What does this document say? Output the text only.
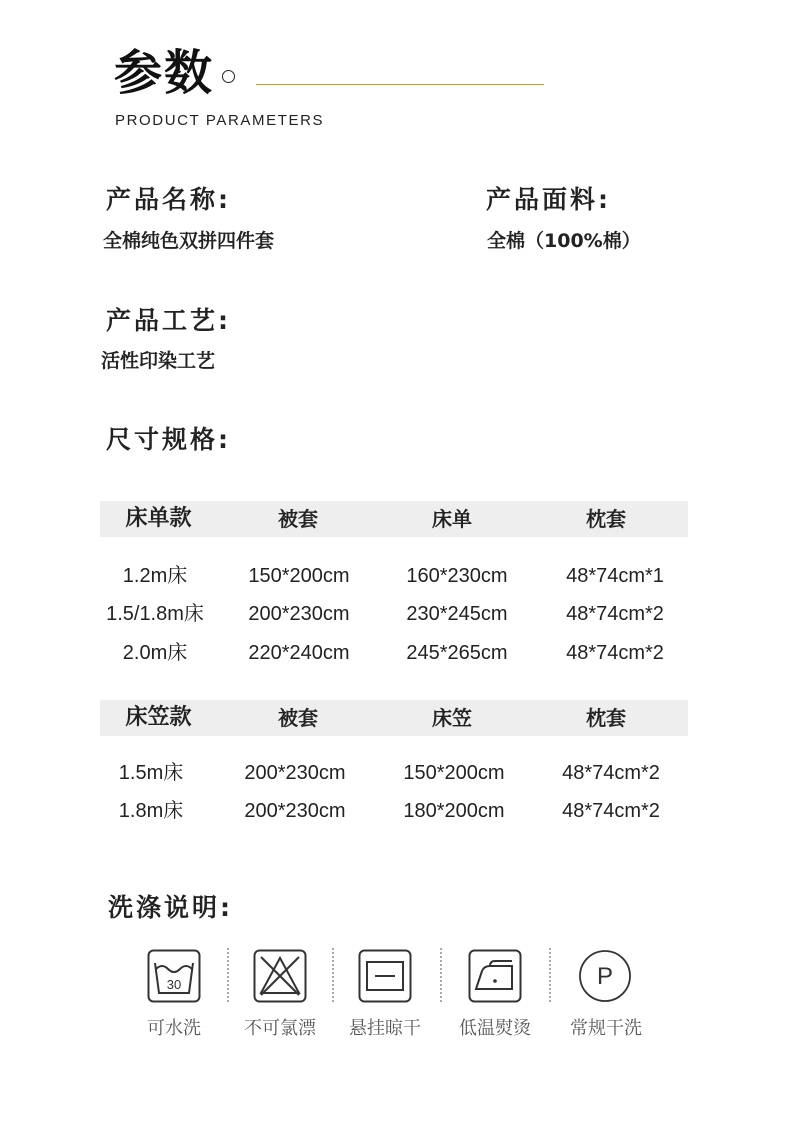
参数
PRODUCT PARAMETERS
产品名称:
全棉纯色双拼四件套
产品面料:
全棉（100%棉）
产品工艺:
活性印染工艺
尺寸规格:
床单款	被套	床单	枕套
1.2m床	150*200cm	160*230cm	48*74cm*1
1.5/1.8m床	200*230cm	230*245cm	48*74cm*2
2.0m床	220*240cm	245*265cm	48*74cm*2
床笠款	被套	床笠	枕套
1.5m床	200*230cm	150*200cm	48*74cm*2
1.8m床	200*230cm	180*200cm	48*74cm*2
洗涤说明:
30
可水洗	不可氯漂	悬挂晾干	低温熨烫
P
常规干洗
